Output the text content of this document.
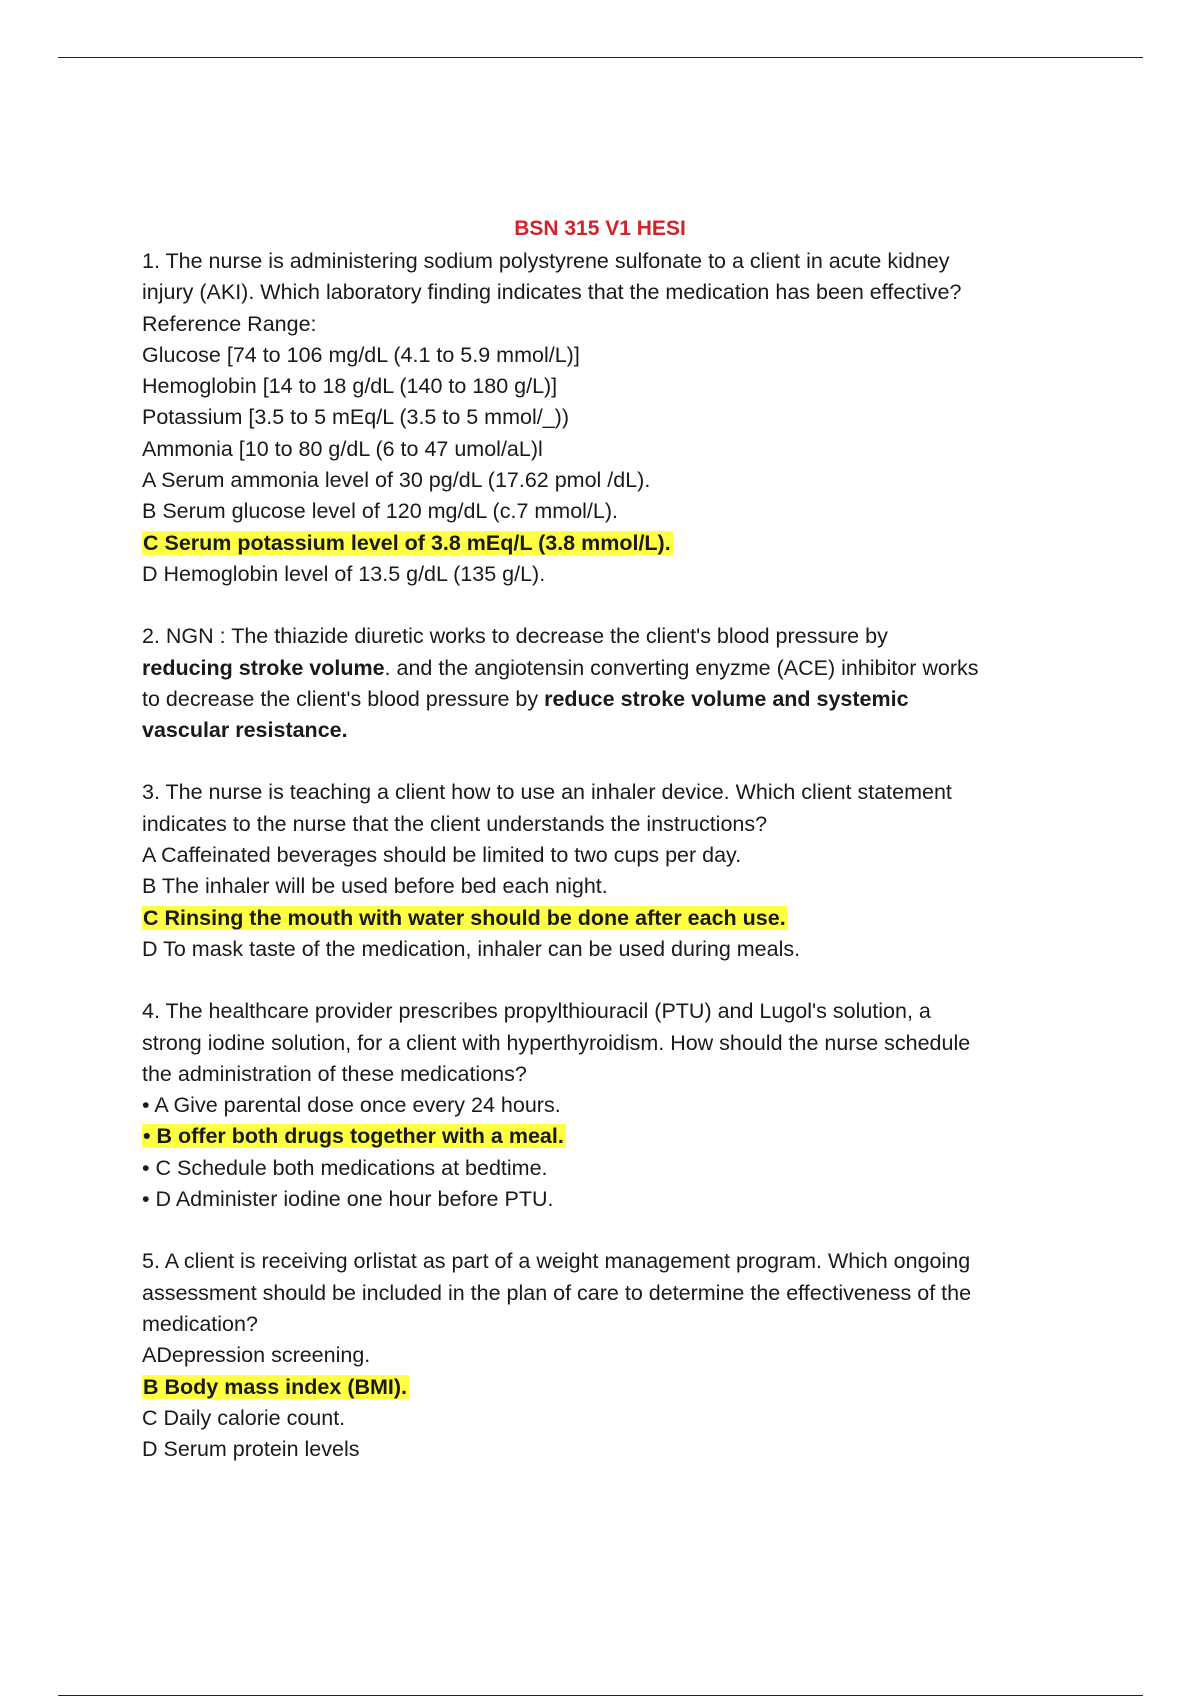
BSN 315 V1 HESI
1. The nurse is administering sodium polystyrene sulfonate to a client in acute kidney
injury (AKI). Which laboratory finding indicates that the medication has been effective?
Reference Range:
Glucose [74 to 106 mg/dL (4.1 to 5.9 mmol/L)]
Hemoglobin [14 to 18 g/dL (140 to 180 g/L)]
Potassium [3.5 to 5 mEq/L (3.5 to 5 mmol/_))
Ammonia [10 to 80 g/dL (6 to 47 umol/aL)l
A Serum ammonia level of 30 pg/dL (17.62 pmol /dL).
B Serum glucose level of 120 mg/dL (c.7 mmol/L).
C Serum potassium level of 3.8 mEq/L (3.8 mmol/L).
D Hemoglobin level of 13.5 g/dL (135 g/L).
2. NGN : The thiazide diuretic works to decrease the client's blood pressure by
reducing stroke volume. and the angiotensin converting enyzme (ACE) inhibitor works
to decrease the client's blood pressure by reduce stroke volume and systemic
vascular resistance.
3. The nurse is teaching a client how to use an inhaler device. Which client statement
indicates to the nurse that the client understands the instructions?
A Caffeinated beverages should be limited to two cups per day.
B The inhaler will be used before bed each night.
C Rinsing the mouth with water should be done after each use.
D To mask taste of the medication, inhaler can be used during meals.
4. The healthcare provider prescribes propylthiouracil (PTU) and Lugol's solution, a
strong iodine solution, for a client with hyperthyroidism. How should the nurse schedule
the administration of these medications?
• A Give parental dose once every 24 hours.
• B offer both drugs together with a meal.
• C Schedule both medications at bedtime.
• D Administer iodine one hour before PTU.
5. A client is receiving orlistat as part of a weight management program. Which ongoing
assessment should be included in the plan of care to determine the effectiveness of the
medication?
ADepression screening.
B Body mass index (BMI).
C Daily calorie count.
D Serum protein levels
